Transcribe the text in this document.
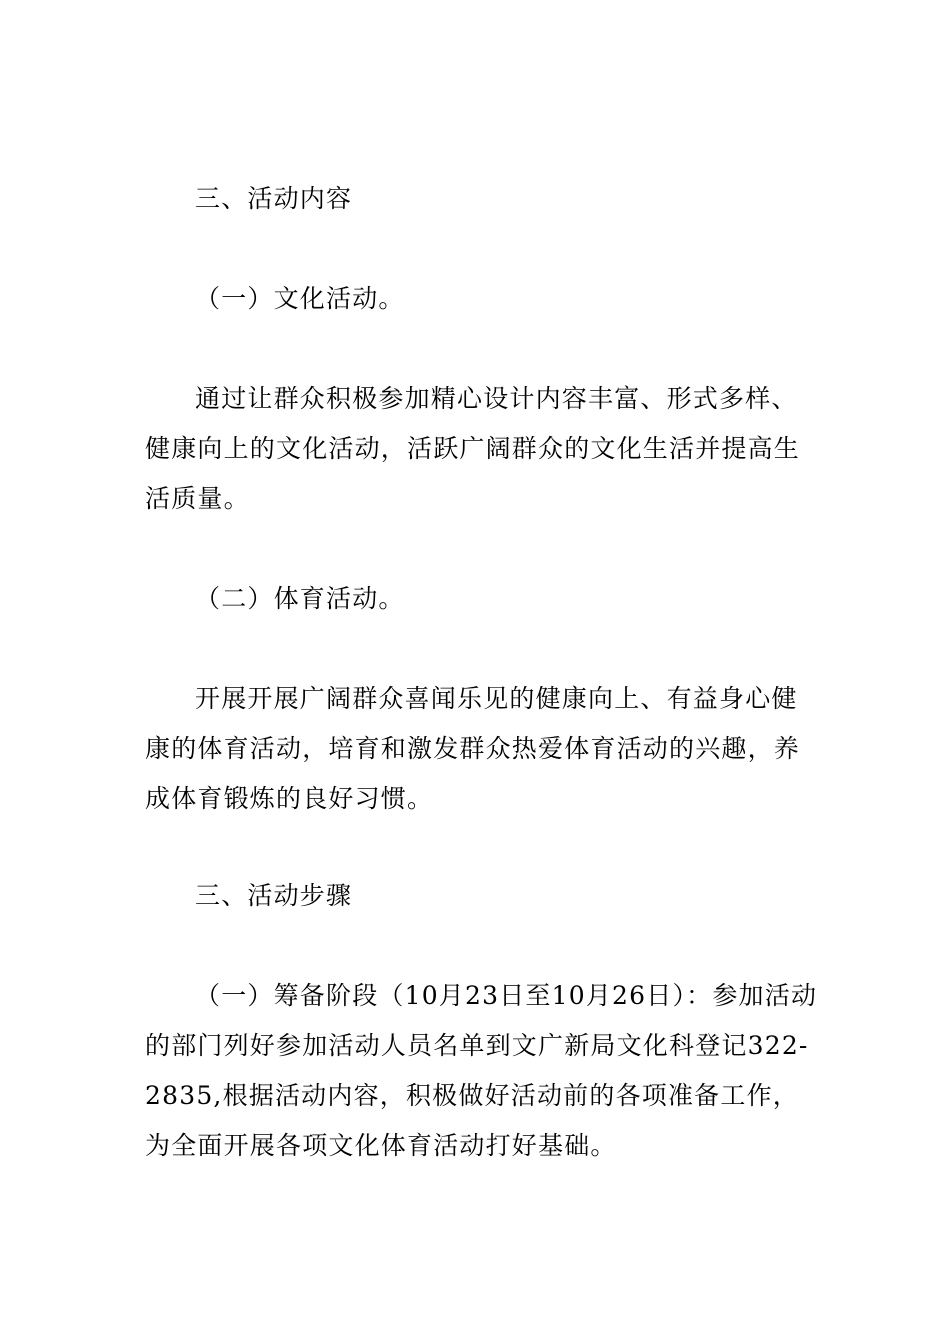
三、活动内容

（一）文化活动。

通过让群众积极参加精心设计内容丰富、形式多样、健康向上的文化活动，活跃广阔群众的文化生活并提高生活质量。

（二）体育活动。

开展开展广阔群众喜闻乐见的健康向上、有益身心健康的体育活动，培育和激发群众热爱体育活动的兴趣，养成体育锻炼的良好习惯。

三、活动步骤

（一）筹备阶段（10月23日至10月26日）：参加活动的部门列好参加活动人员名单到文广新局文化科登记322-2835,根据活动内容，积极做好活动前的各项准备工作，为全面开展各项文化体育活动打好基础。
